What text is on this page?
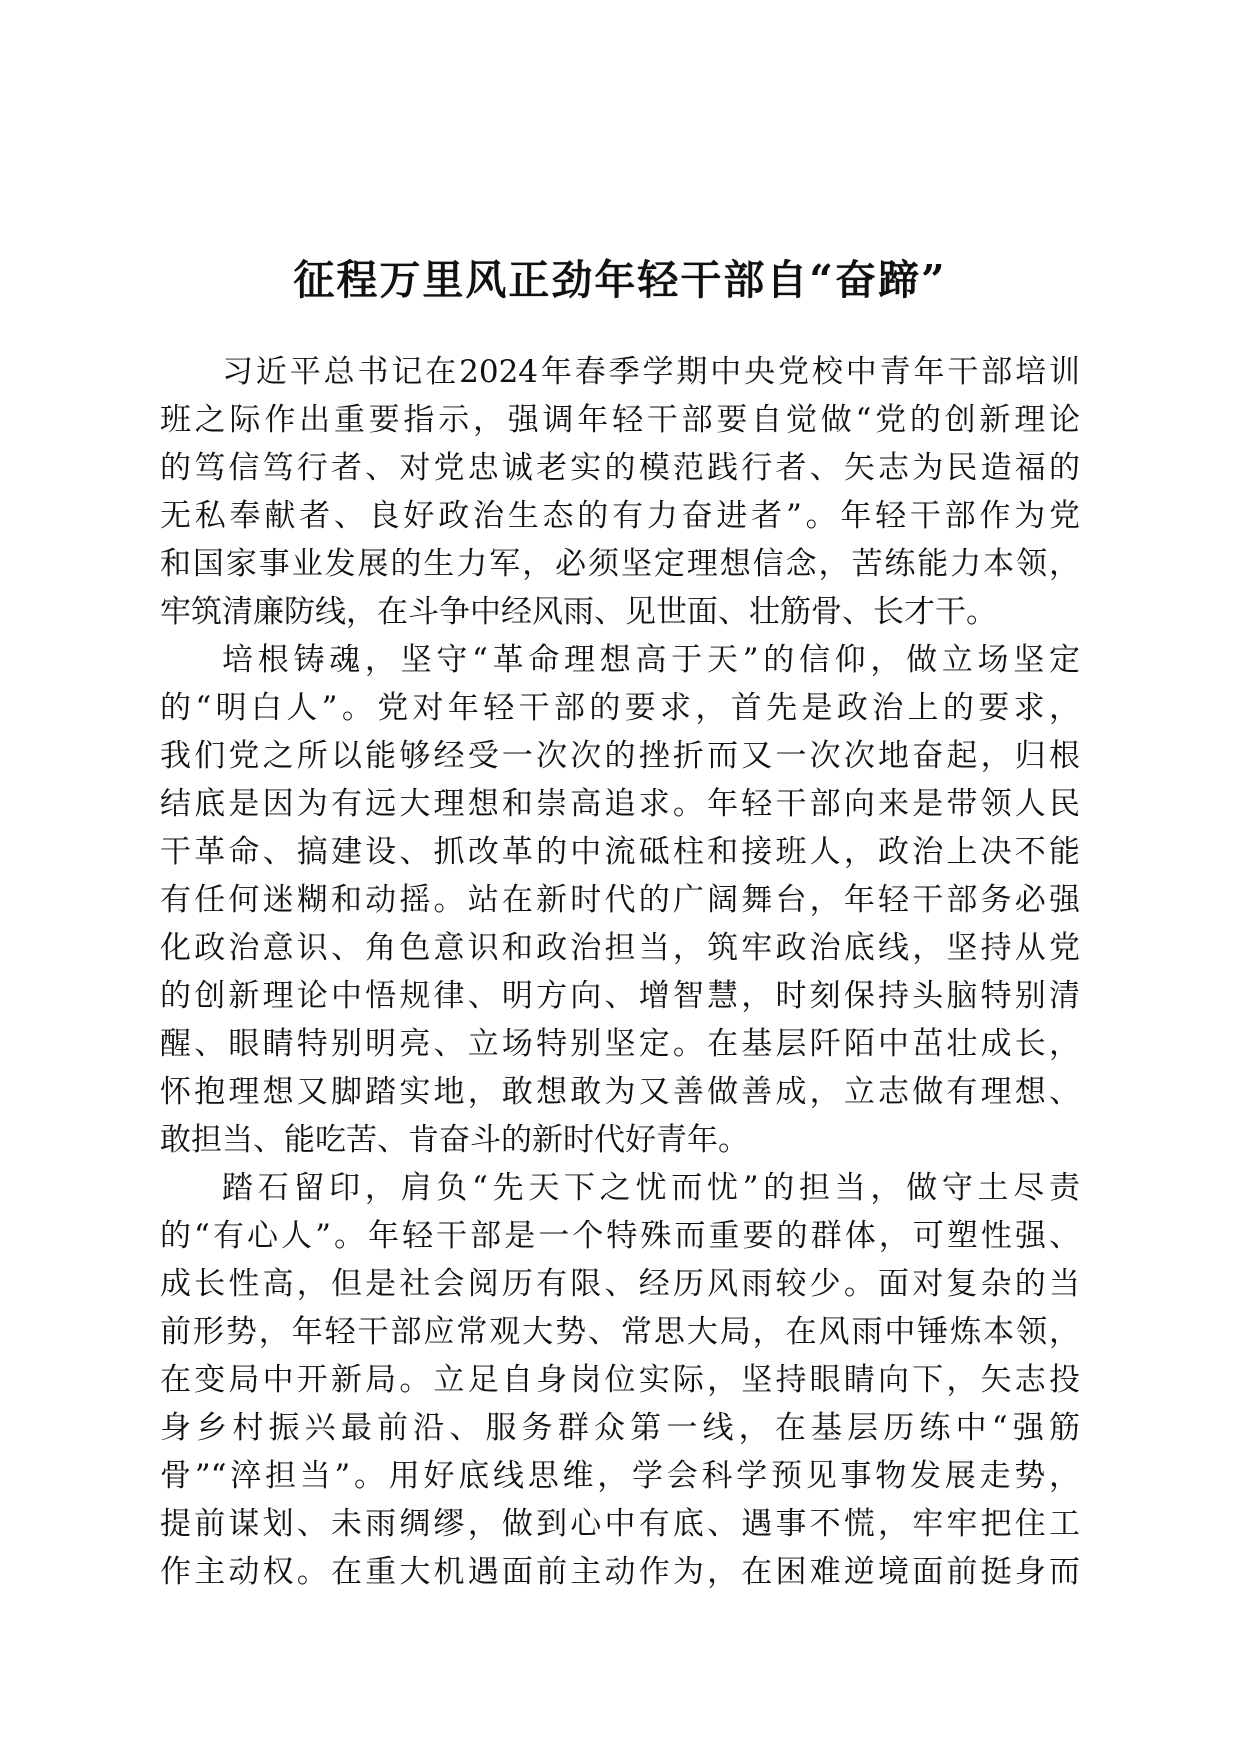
征程万里风正劲年轻干部自“奋蹄”
习近平总书记在2024年春季学期中央党校中青年干部培训
班之际作出重要指示，强调年轻干部要自觉做“党的创新理论
的笃信笃行者、对党忠诚老实的模范践行者、矢志为民造福的
无私奉献者、良好政治生态的有力奋进者”。年轻干部作为党
和国家事业发展的生力军，必须坚定理想信念，苦练能力本领，
牢筑清廉防线，在斗争中经风雨、见世面、壮筋骨、长才干。
培根铸魂，坚守“革命理想高于天”的信仰，做立场坚定
的“明白人”。党对年轻干部的要求，首先是政治上的要求，
我们党之所以能够经受一次次的挫折而又一次次地奋起，归根
结底是因为有远大理想和崇高追求。年轻干部向来是带领人民
干革命、搞建设、抓改革的中流砥柱和接班人，政治上决不能
有任何迷糊和动摇。站在新时代的广阔舞台，年轻干部务必强
化政治意识、角色意识和政治担当，筑牢政治底线，坚持从党
的创新理论中悟规律、明方向、增智慧，时刻保持头脑特别清
醒、眼睛特别明亮、立场特别坚定。在基层阡陌中茁壮成长，
怀抱理想又脚踏实地，敢想敢为又善做善成，立志做有理想、
敢担当、能吃苦、肯奋斗的新时代好青年。
踏石留印，肩负“先天下之忧而忧”的担当，做守土尽责
的“有心人”。年轻干部是一个特殊而重要的群体，可塑性强、
成长性高，但是社会阅历有限、经历风雨较少。面对复杂的当
前形势，年轻干部应常观大势、常思大局，在风雨中锤炼本领，
在变局中开新局。立足自身岗位实际，坚持眼睛向下，矢志投
身乡村振兴最前沿、服务群众第一线，在基层历练中“强筋
骨”“淬担当”。用好底线思维，学会科学预见事物发展走势，
提前谋划、未雨绸缪，做到心中有底、遇事不慌，牢牢把住工
作主动权。在重大机遇面前主动作为，在困难逆境面前挺身而
